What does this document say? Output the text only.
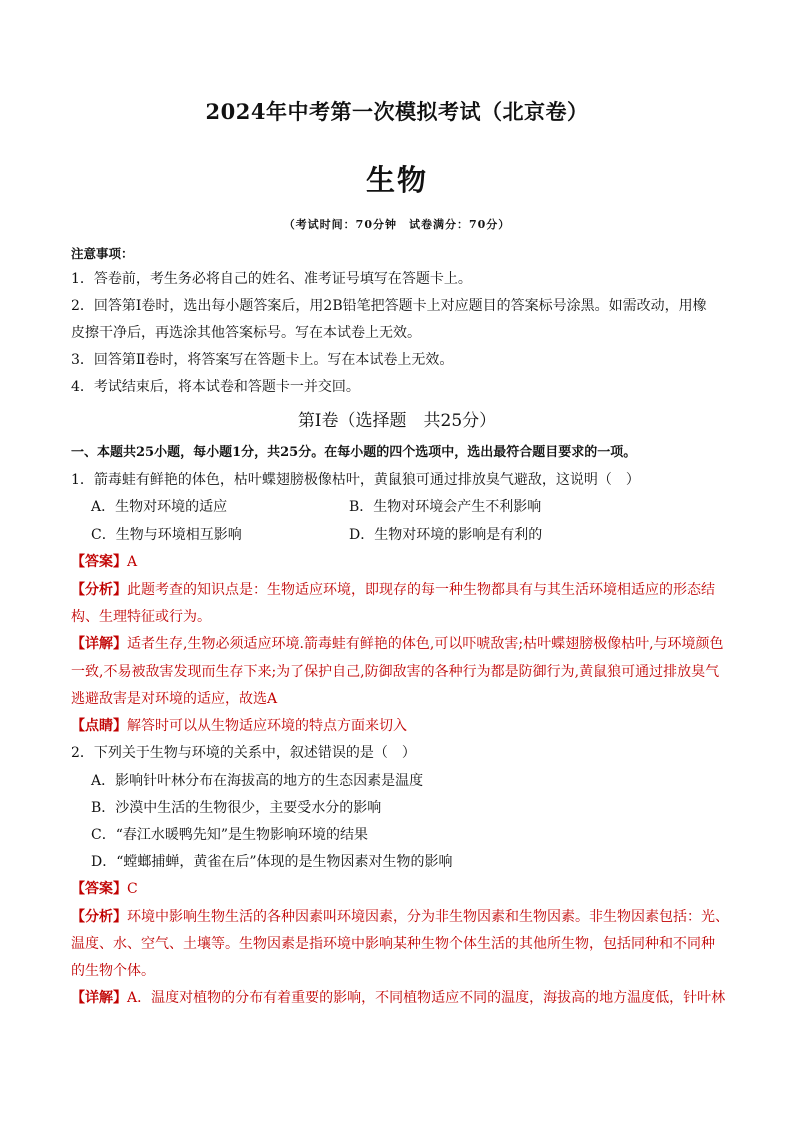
2024年中考第一次模拟考试（北京卷）
生物
（考试时间：70分钟　试卷满分：70分）
注意事项：
1．答卷前，考生务必将自己的姓名、准考证号填写在答题卡上。
2．回答第Ⅰ卷时，选出每小题答案后，用2B铅笔把答题卡上对应题目的答案标号涂黑。如需改动，用橡
皮擦干净后，再选涂其他答案标号。写在本试卷上无效。
3．回答第Ⅱ卷时，将答案写在答题卡上。写在本试卷上无效。
4．考试结束后，将本试卷和答题卡一并交回。
第Ⅰ卷（选择题　共25分）
一、本题共25小题，每小题1分，共25分。在每小题的四个选项中，选出最符合题目要求的一项。
1．箭毒蛙有鲜艳的体色，枯叶蝶翅膀极像枯叶，黄鼠狼可通过排放臭气避敌，这说明（　）
A．生物对环境的适应	B．生物对环境会产生不利影响
C．生物与环境相互影响	D．生物对环境的影响是有利的
【答案】A
【分析】此题考查的知识点是：生物适应环境，即现存的每一种生物都具有与其生活环境相适应的形态结
构、生理特征或行为。
【详解】适者生存,生物必须适应环境.箭毒蛙有鲜艳的体色,可以吓唬敌害;枯叶蝶翅膀极像枯叶,与环境颜色
一致,不易被敌害发现而生存下来;为了保护自己,防御敌害的各种行为都是防御行为,黄鼠狼可通过排放臭气
逃避敌害是对环境的适应，故选A
【点睛】解答时可以从生物适应环境的特点方面来切入
2．下列关于生物与环境的关系中，叙述错误的是（　）
A．影响针叶林分布在海拔高的地方的生态因素是温度
B．沙漠中生活的生物很少，主要受水分的影响
C．“春江水暖鸭先知”是生物影响环境的结果
D．“螳螂捕蝉，黄雀在后”体现的是生物因素对生物的影响
【答案】C
【分析】环境中影响生物生活的各种因素叫环境因素，分为非生物因素和生物因素。非生物因素包括：光、
温度、水、空气、土壤等。生物因素是指环境中影响某种生物个体生活的其他所生物，包括同种和不同种
的生物个体。
【详解】A．温度对植物的分布有着重要的影响，不同植物适应不同的温度，海拔高的地方温度低，针叶林
